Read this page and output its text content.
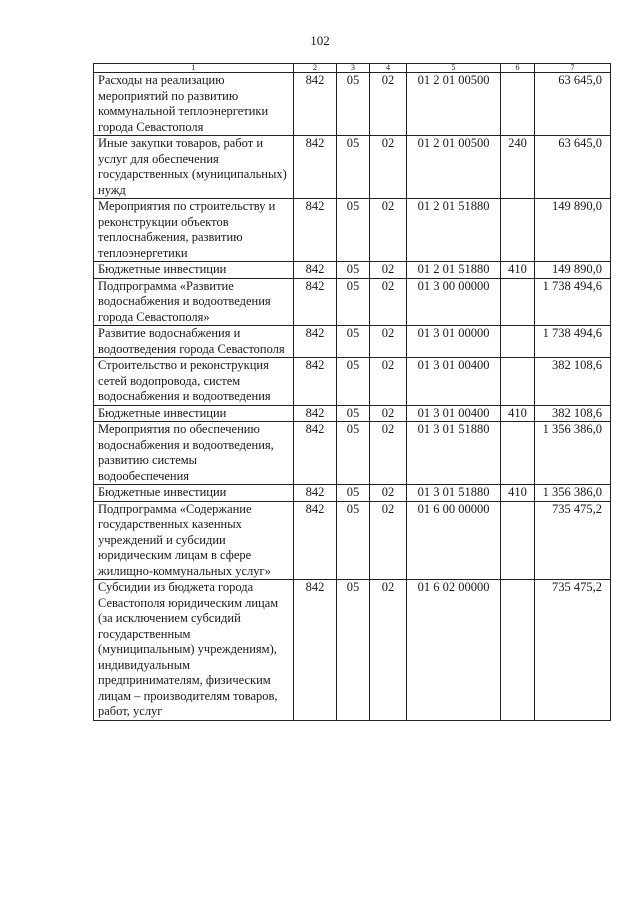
102
1	2	3	4	5	6	7
Расходы на реализацию мероприятий по развитию коммунальной теплоэнергетики города Севастополя	842	05	02	01 2 01 00500		63 645,0
Иные закупки товаров, работ и услуг для обеспечения государственных (муниципальных) нужд	842	05	02	01 2 01 00500	240	63 645,0
Мероприятия по строительству и реконструкции объектов теплоснабжения, развитию теплоэнергетики	842	05	02	01 2 01 51880		149 890,0
Бюджетные инвестиции	842	05	02	01 2 01 51880	410	149 890,0
Подпрограмма «Развитие водоснабжения и водоотведения города Севастополя»	842	05	02	01 3 00 00000		1 738 494,6
Развитие водоснабжения и водоотведения города Севастополя	842	05	02	01 3 01 00000		1 738 494,6
Строительство и реконструкция сетей водопровода, систем водоснабжения и водоотведения	842	05	02	01 3 01 00400		382 108,6
Бюджетные инвестиции	842	05	02	01 3 01 00400	410	382 108,6
Мероприятия по обеспечению водоснабжения и водоотведения, развитию системы водообеспечения	842	05	02	01 3 01 51880		1 356 386,0
Бюджетные инвестиции	842	05	02	01 3 01 51880	410	1 356 386,0
Подпрограмма «Содержание государственных казенных учреждений и субсидии юридическим лицам в сфере жилищно-коммунальных услуг»	842	05	02	01 6 00 00000		735 475,2
Субсидии из бюджета города Севастополя юридическим лицам (за исключением субсидий государственным (муниципальным) учреждениям), индивидуальным предпринимателям, физическим лицам – производителям товаров, работ, услуг	842	05	02	01 6 02 00000		735 475,2
